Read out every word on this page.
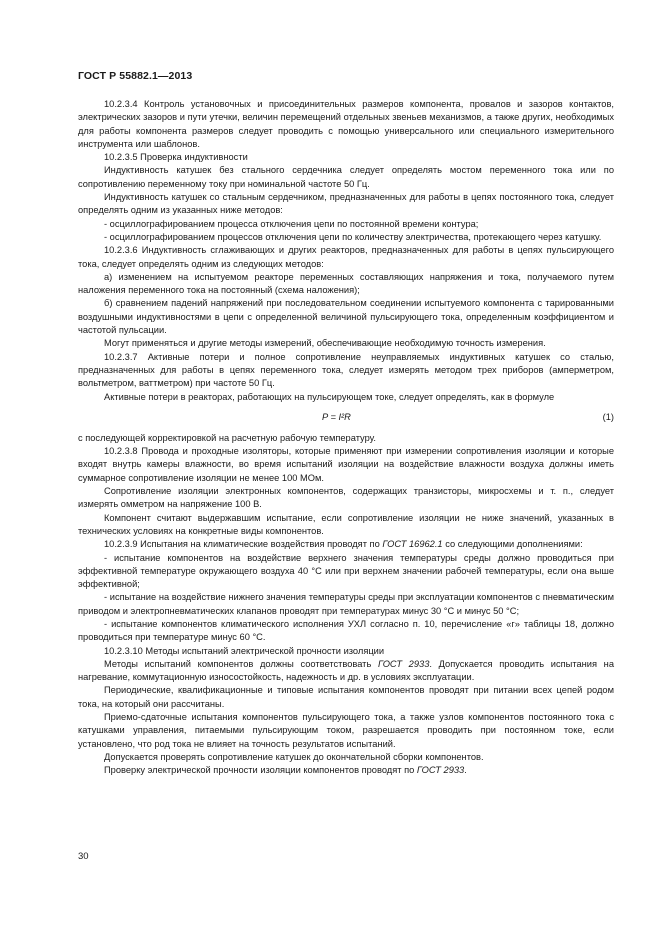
ГОСТ Р 55882.1—2013

10.2.3.4 Контроль установочных и присоединительных размеров компонента, провалов и зазоров контактов, электрических зазоров и пути утечки, величин перемещений отдельных звеньев механизмов, а также других, необходимых для работы компонента размеров следует проводить с помощью универсального или специального измерительного инструмента или шаблонов.

10.2.3.5 Проверка индуктивности

Индуктивность катушек без стального сердечника следует определять мостом переменного тока или по сопротивлению переменному току при номинальной частоте 50 Гц.

Индуктивность катушек со стальным сердечником, предназначенных для работы в цепях постоянного тока, следует определять одним из указанных ниже методов:

- осциллографированием процесса отключения цепи по постоянной времени контура;

- осциллографированием процессов отключения цепи по количеству электричества, протекающего через катушку.

10.2.3.6 Индуктивность сглаживающих и других реакторов, предназначенных для работы в цепях пульсирующего тока, следует определять одним из следующих методов:

а) изменением на испытуемом реакторе переменных составляющих напряжения и тока, получаемого путем наложения переменного тока на постоянный (схема наложения);

б) сравнением падений напряжений при последовательном соединении испытуемого компонента с тарированными воздушными индуктивностями в цепи с определенной величиной пульсирующего тока, определенным коэффициентом и частотой пульсации.

Могут применяться и другие методы измерений, обеспечивающие необходимую точность измерения.

10.2.3.7 Активные потери и полное сопротивление неуправляемых индуктивных катушек со сталью, предназначенных для работы в цепях переменного тока, следует измерять методом трех приборов (амперметром, вольтметром, ваттметром) при частоте 50 Гц.

Активные потери в реакторах, работающих на пульсирующем токе, следует определять, как в формуле

P = I²R	(1)

с последующей корректировкой на расчетную рабочую температуру.

10.2.3.8 Провода и проходные изоляторы, которые применяют при измерении сопротивления изоляции и которые входят внутрь камеры влажности, во время испытаний изоляции на воздействие влажности воздуха должны иметь суммарное сопротивление изоляции не менее 100 МОм.

Сопротивление изоляции электронных компонентов, содержащих транзисторы, микросхемы и т. п., следует измерять омметром на напряжение 100 В.

Компонент считают выдержавшим испытание, если сопротивление изоляции не ниже значений, указанных в технических условиях на конкретные виды компонентов.

10.2.3.9 Испытания на климатические воздействия проводят по ГОСТ 16962.1 со следующими дополнениями:

- испытание компонентов на воздействие верхнего значения температуры среды должно проводиться при эффективной температуре окружающего воздуха 40 °С или при верхнем значении рабочей температуры, если она выше эффективной;

- испытание на воздействие нижнего значения температуры среды при эксплуатации компонентов с пневматическим приводом и электропневматических клапанов проводят при температурах минус 30 °С и минус 50 °С;

- испытание компонентов климатического исполнения УХЛ согласно п. 10, перечисление «г» таблицы 18, должно проводиться при температуре минус 60 °С.

10.2.3.10 Методы испытаний электрической прочности изоляции

Методы испытаний компонентов должны соответствовать ГОСТ 2933. Допускается проводить испытания на нагревание, коммутационную износостойкость, надежность и др. в условиях эксплуатации.

Периодические, квалификационные и типовые испытания компонентов проводят при питании всех цепей родом тока, на который они рассчитаны.

Приемо-сдаточные испытания компонентов пульсирующего тока, а также узлов компонентов постоянного тока с катушками управления, питаемыми пульсирующим током, разрешается проводить при постоянном токе, если установлено, что род тока не влияет на точность результатов испытаний.

Допускается проверять сопротивление катушек до окончательной сборки компонентов.

Проверку электрической прочности изоляции компонентов проводят по ГОСТ 2933.

30
